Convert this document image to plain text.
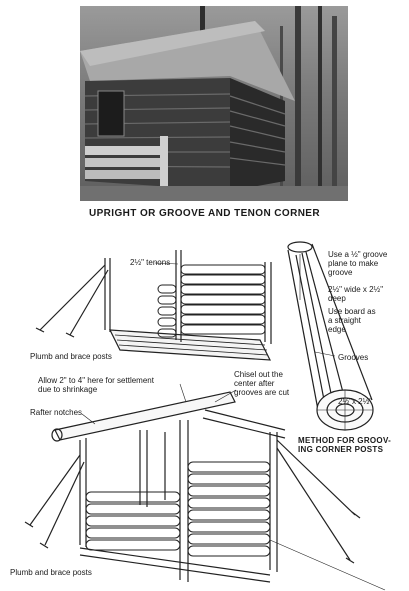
UPRIGHT OR GROOVE AND TENON CORNER
2½" tenons
Plumb and brace posts
Use a ½" groove
plane to make
groove
2½" wide x 2½"
deep
Use board as
a straight
edge
Grooves
2½"x 2½"
Allow 2" to 4" here for settlement
due to shrinkage
Chisel out the
center after
grooves are cut
Rafter notches
METHOD FOR GROOV-
ING CORNER POSTS
Plumb and brace posts
